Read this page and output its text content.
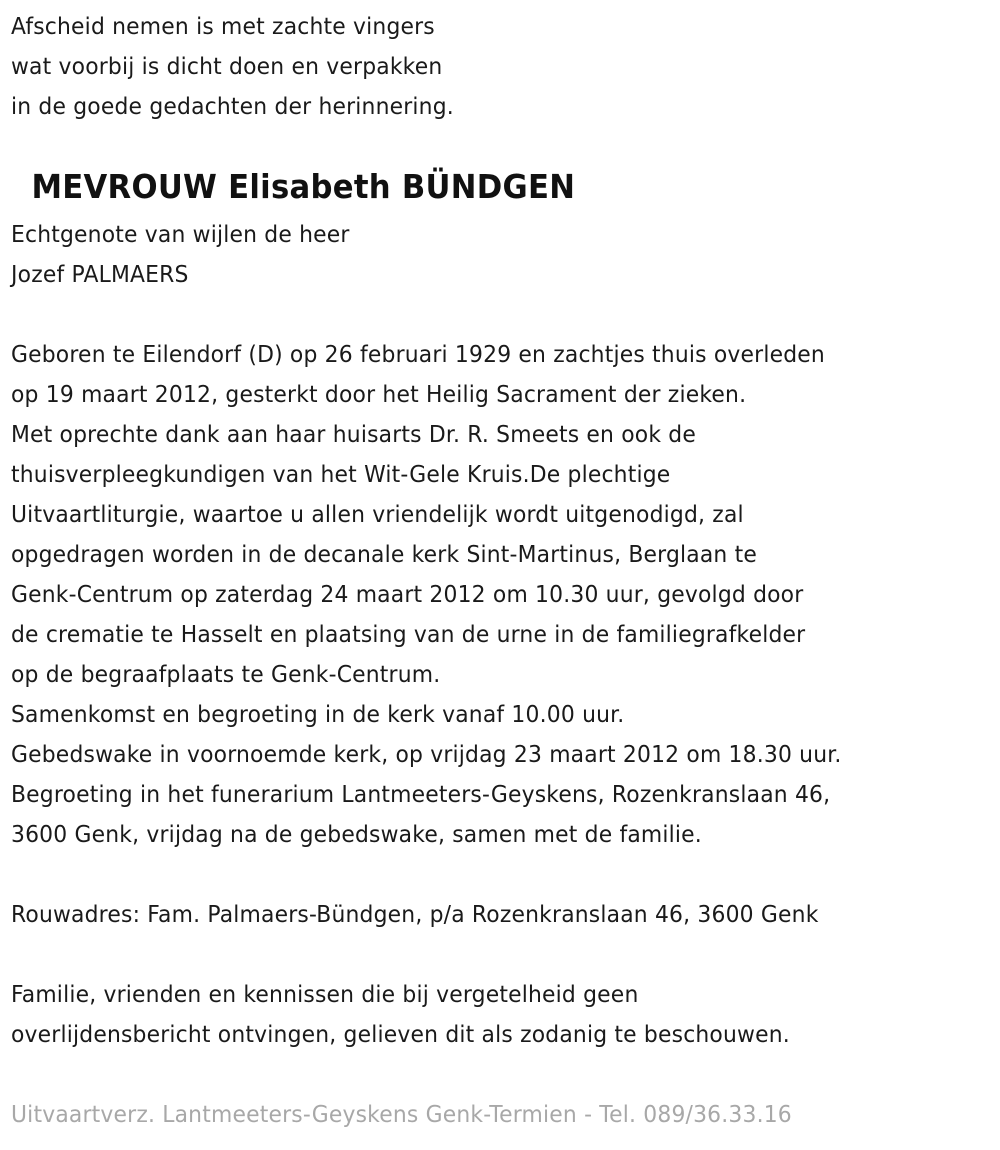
Afscheid nemen is met zachte vingers
wat voorbij is dicht doen en verpakken
in de goede gedachten der herinnering.
MEVROUW Elisabeth BÜNDGEN
Echtgenote van wijlen de heer
Jozef PALMAERS
Geboren te Eilendorf (D) op 26 februari 1929 en zachtjes thuis overleden
op 19 maart 2012, gesterkt door het Heilig Sacrament der zieken.
Met oprechte dank aan haar huisarts Dr. R. Smeets en ook de
thuisverpleegkundigen van het Wit-Gele Kruis.De plechtige
Uitvaartliturgie, waartoe u allen vriendelijk wordt uitgenodigd, zal
opgedragen worden in de decanale kerk Sint-Martinus, Berglaan te
Genk-Centrum op zaterdag 24 maart 2012 om 10.30 uur, gevolgd door
de crematie te Hasselt en plaatsing van de urne in de familiegrafkelder
op de begraafplaats te Genk-Centrum.
Samenkomst en begroeting in de kerk vanaf 10.00 uur.
Gebedswake in voornoemde kerk, op vrijdag 23 maart 2012 om 18.30 uur.
Begroeting in het funerarium Lantmeeters-Geyskens, Rozenkranslaan 46,
3600 Genk, vrijdag na de gebedswake, samen met de familie.
Rouwadres: Fam. Palmaers-Bündgen, p/a Rozenkranslaan 46, 3600 Genk
Familie, vrienden en kennissen die bij vergetelheid geen
overlijdensbericht ontvingen, gelieven dit als zodanig te beschouwen.
Uitvaartverz. Lantmeeters-Geyskens Genk-Termien - Tel. 089/36.33.16
